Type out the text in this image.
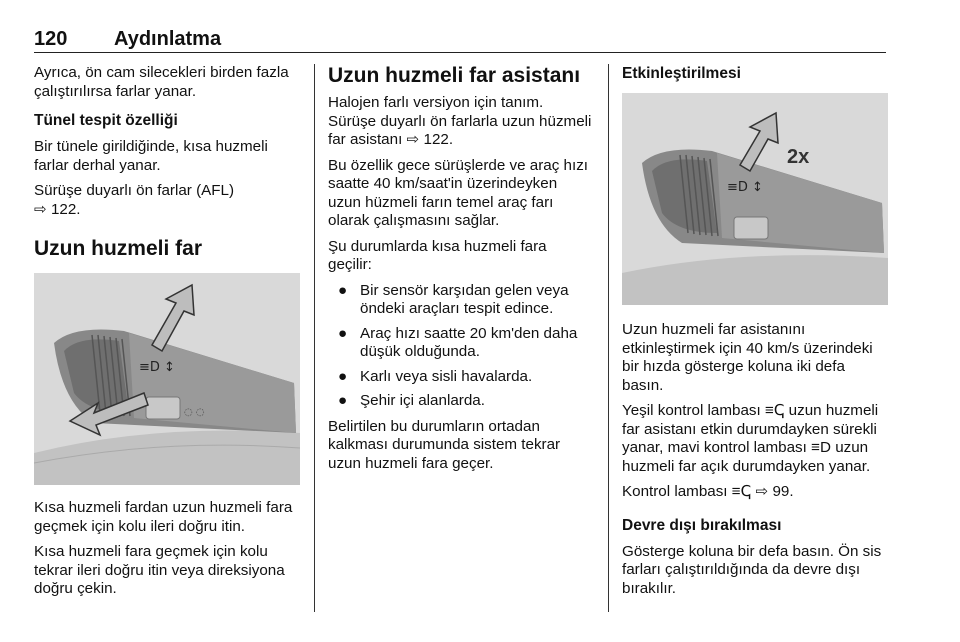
120 Aydınlatma

Ayrıca, ön cam silecekleri birden fazla çalıştırılırsa farlar yanar.

Tünel tespit özelliği

Bir tünele girildiğinde, kısa huzmeli farlar derhal yanar.

Sürüşe duyarlı ön farlar (AFL)
⇨ 122.

Uzun huzmeli far
≡D ↕
◌ ◌

Kısa huzmeli fardan uzun huzmeli fara geçmek için kolu ileri doğru itin.

Kısa huzmeli fara geçmek için kolu tekrar ileri doğru itin veya direksiyona doğru çekin.

Uzun huzmeli far asistanı

Halojen farlı versiyon için tanım.

Sürüşe duyarlı ön farlarla uzun hüzmeli far asistanı ⇨ 122.

Bu özellik gece sürüşlerde ve araç hızı saatte 40 km/saat'in üzerindeyken uzun hüzmeli farın temel araç farı olarak çalışmasını sağlar.

Şu durumlarda kısa huzmeli fara geçilir:

● Bir sensör karşıdan gelen veya öndeki araçları tespit edince.
● Araç hızı saatte 20 km'den daha düşük olduğunda.
● Karlı veya sisli havalarda.
● Şehir içi alanlarda.

Belirtilen bu durumların ortadan kalkması durumunda sistem tekrar uzun huzmeli fara geçer.

Etkinleştirilmesi
≡D ↕
2x

Uzun huzmeli far asistanını etkinleştirmek için 40 km/s üzerindeki bir hızda gösterge koluna iki defa basın.

Yeşil kontrol lambası ≡ↅ uzun huzmeli far asistanı etkin durumdayken sürekli yanar, mavi kontrol lambası ≡D uzun huzmeli far açık durumdayken yanar.

Kontrol lambası ≡ↅ ⇨ 99.

Devre dışı bırakılması

Gösterge koluna bir defa basın. Ön sis farları çalıştırıldığında da devre dışı bırakılır.
